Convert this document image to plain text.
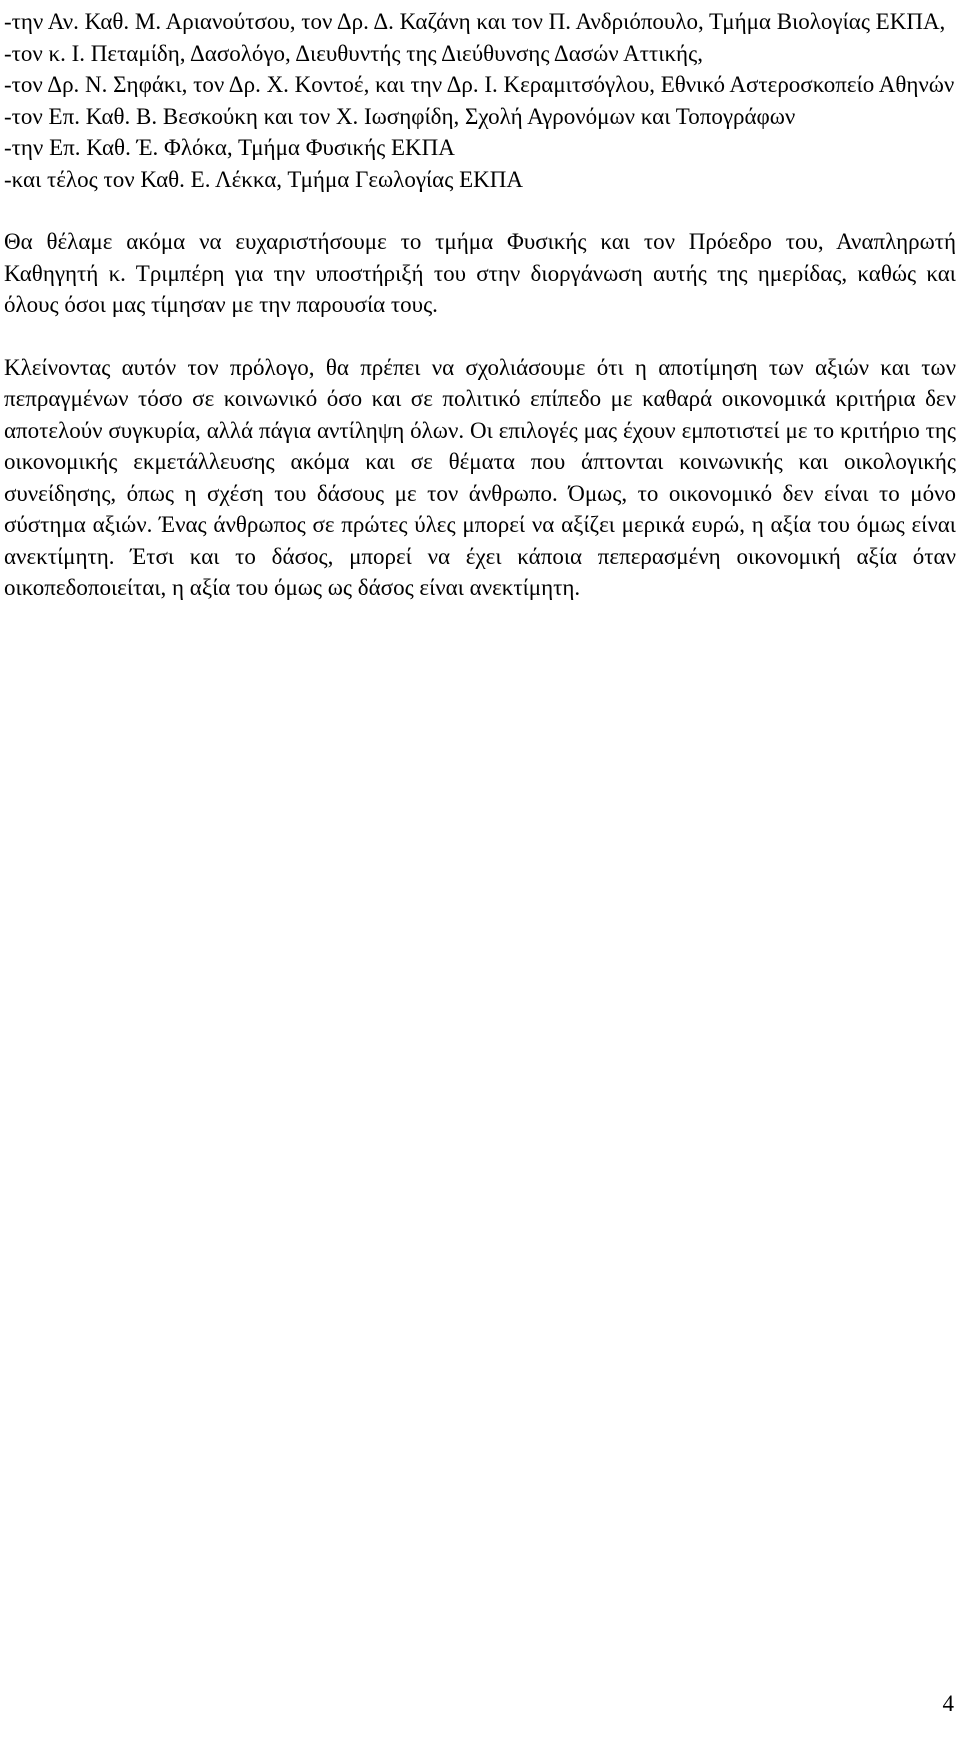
-την Αν. Καθ. Μ. Αριανούτσου, τον Δρ. Δ. Καζάνη και τον Π. Ανδριόπουλο, Τμήμα Βιολογίας ΕΚΠΑ,
-τον κ. Ι. Πεταμίδη, Δασολόγο, Διευθυντής της Διεύθυνσης Δασών Αττικής,
-τον Δρ. Ν. Σηφάκι, τον Δρ. Χ. Κοντοέ, και την Δρ. Ι. Κεραμιτσόγλου, Εθνικό Αστεροσκοπείο Αθηνών
-τον Επ. Καθ. Β. Βεσκούκη και τον Χ. Ιωσηφίδη, Σχολή Αγρονόμων και Τοπογράφων
-την Επ. Καθ. Έ. Φλόκα, Τμήμα Φυσικής ΕΚΠΑ
-και τέλος τον Καθ. Ε. Λέκκα, Τμήμα Γεωλογίας ΕΚΠΑ

Θα θέλαμε ακόμα να ευχαριστήσουμε το τμήμα Φυσικής και τον Πρόεδρο του, Αναπληρωτή Καθηγητή κ. Τριμπέρη για την υποστήριξή του στην διοργάνωση αυτής της ημερίδας, καθώς και όλους όσοι μας τίμησαν με την παρουσία τους.

Κλείνοντας αυτόν τον πρόλογο, θα πρέπει να σχολιάσουμε ότι η αποτίμηση των αξιών και των πεπραγμένων τόσο σε κοινωνικό όσο και σε πολιτικό επίπεδο με καθαρά οικονομικά κριτήρια δεν αποτελούν συγκυρία, αλλά πάγια αντίληψη όλων. Οι επιλογές μας έχουν εμποτιστεί με το κριτήριο της οικονομικής εκμετάλλευσης ακόμα και σε θέματα που άπτονται κοινωνικής και οικολογικής συνείδησης, όπως η σχέση του δάσους με τον άνθρωπο. Όμως, το οικονομικό δεν είναι το μόνο σύστημα αξιών. Ένας άνθρωπος σε πρώτες ύλες μπορεί να αξίζει μερικά ευρώ, η αξία του όμως είναι ανεκτίμητη. Έτσι και το δάσος, μπορεί να έχει κάποια πεπερασμένη οικονομική αξία όταν οικοπεδοποιείται, η αξία του όμως ως δάσος είναι ανεκτίμητη.

4
